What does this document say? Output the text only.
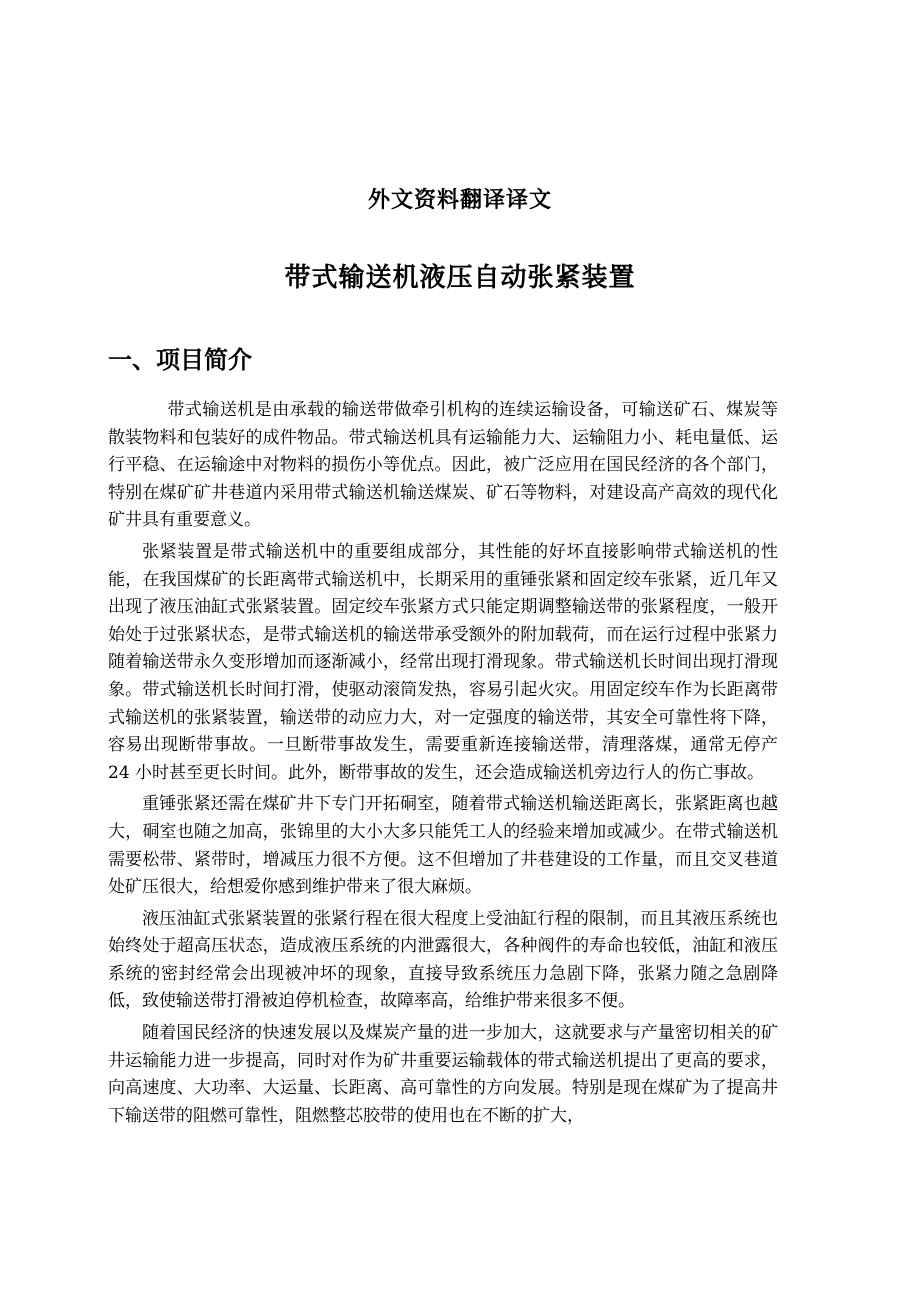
外文资料翻译译文
带式输送机液压自动张紧装置
一、项目简介

带式输送机是由承载的输送带做牵引机构的连续运输设备，可输送矿石、煤炭等散装物料和包装好的成件物品。带式输送机具有运输能力大、运输阻力小、耗电量低、运行平稳、在运输途中对物料的损伤小等优点。因此，被广泛应用在国民经济的各个部门，特别在煤矿矿井巷道内采用带式输送机输送煤炭、矿石等物料，对建设高产高效的现代化矿井具有重要意义。

张紧装置是带式输送机中的重要组成部分，其性能的好坏直接影响带式输送机的性能，在我国煤矿的长距离带式输送机中，长期采用的重锤张紧和固定绞车张紧，近几年又出现了液压油缸式张紧装置。固定绞车张紧方式只能定期调整输送带的张紧程度，一般开始处于过张紧状态，是带式输送机的输送带承受额外的附加载荷，而在运行过程中张紧力随着输送带永久变形增加而逐渐减小，经常出现打滑现象。带式输送机长时间出现打滑现象。带式输送机长时间打滑，使驱动滚筒发热，容易引起火灾。用固定绞车作为长距离带式输送机的张紧装置，输送带的动应力大，对一定强度的输送带，其安全可靠性将下降，容易出现断带事故。一旦断带事故发生，需要重新连接输送带，清理落煤，通常无停产 24 小时甚至更长时间。此外，断带事故的发生，还会造成输送机旁边行人的伤亡事故。

重锤张紧还需在煤矿井下专门开拓硐室，随着带式输送机输送距离长，张紧距离也越大，硐室也随之加高，张锦里的大小大多只能凭工人的经验来增加或减少。在带式输送机需要松带、紧带时，增减压力很不方便。这不但增加了井巷建设的工作量，而且交叉巷道处矿压很大，给想爱你感到维护带来了很大麻烦。

液压油缸式张紧装置的张紧行程在很大程度上受油缸行程的限制，而且其液压系统也始终处于超高压状态，造成液压系统的内泄露很大，各种阀件的寿命也较低，油缸和液压系统的密封经常会出现被冲坏的现象，直接导致系统压力急剧下降，张紧力随之急剧降低，致使输送带打滑被迫停机检查，故障率高，给维护带来很多不便。

随着国民经济的快速发展以及煤炭产量的进一步加大，这就要求与产量密切相关的矿井运输能力进一步提高，同时对作为矿井重要运输载体的带式输送机提出了更高的要求，向高速度、大功率、大运量、长距离、高可靠性的方向发展。特别是现在煤矿为了提高井下输送带的阻燃可靠性，阻燃整芯胶带的使用也在不断的扩大，
